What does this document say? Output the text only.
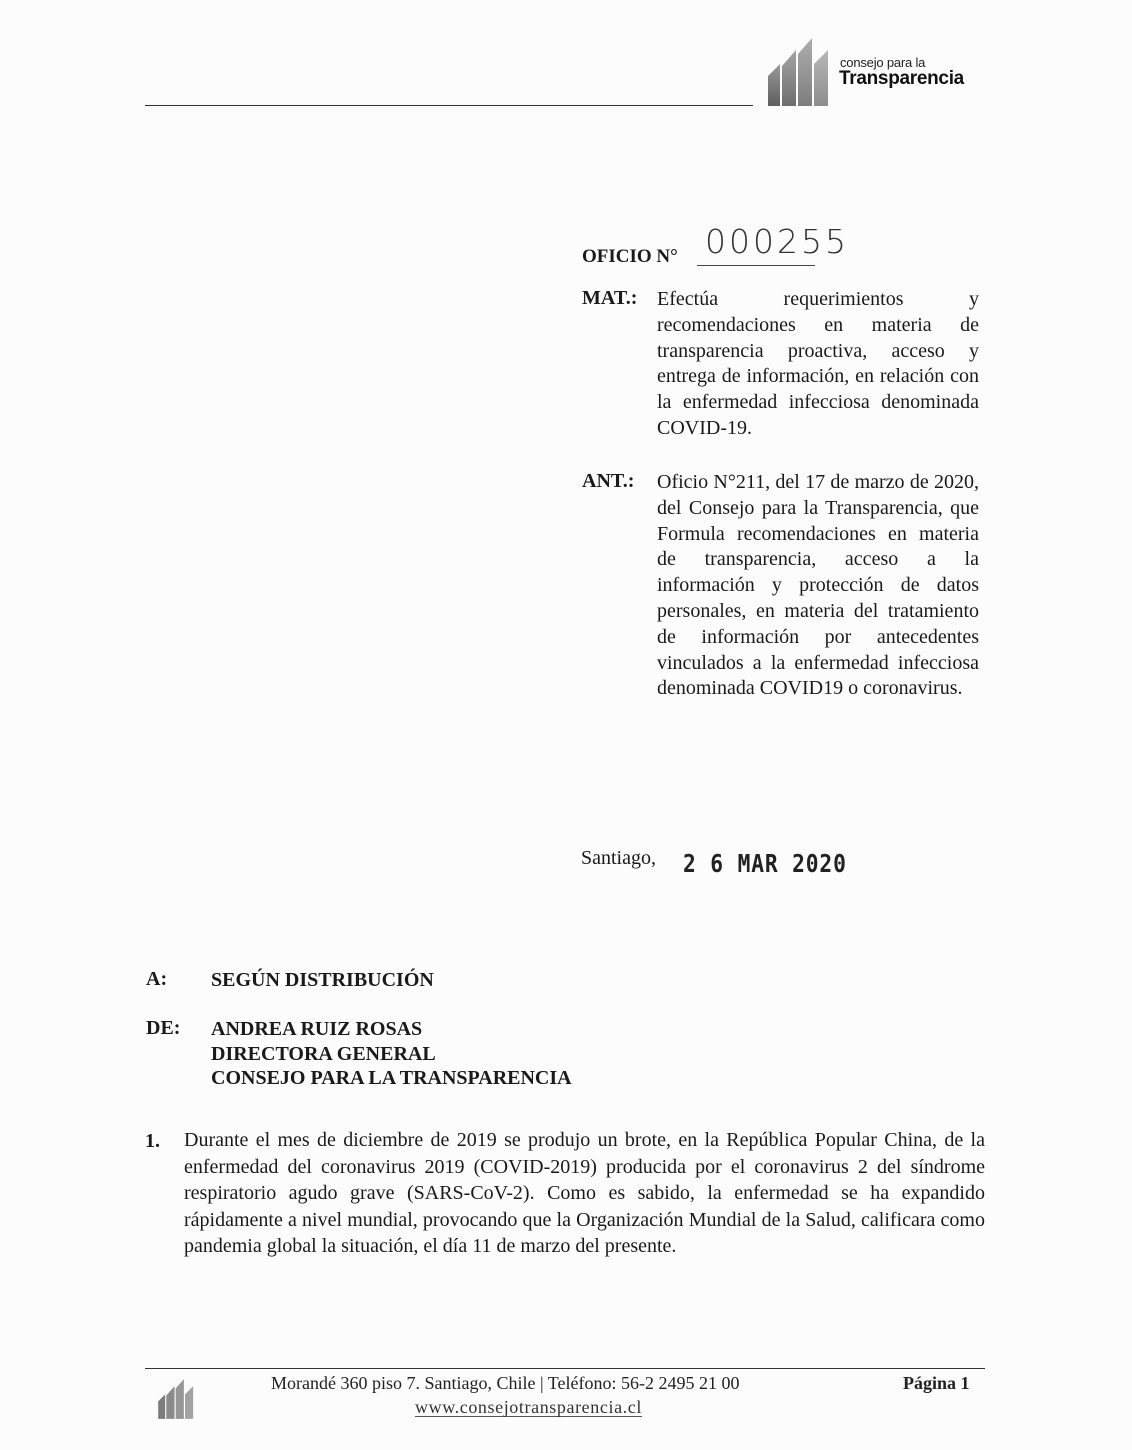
consejo para la
Transparencia
OFICIO N° 000255
MAT.: Efectúa requerimientos y recomendaciones en materia de transparencia proactiva, acceso y entrega de información, en relación con la enfermedad infecciosa denominada COVID-19.
ANT.: Oficio N°211, del 17 de marzo de 2020, del Consejo para la Transparencia, que Formula recomendaciones en materia de transparencia, acceso a la información y protección de datos personales, en materia del tratamiento de información por antecedentes vinculados a la enfermedad infecciosa denominada COVID19 o coronavirus.
Santiago, 2 6 MAR 2020
A: SEGÚN DISTRIBUCIÓN
DE: ANDREA RUIZ ROSAS
DIRECTORA GENERAL
CONSEJO PARA LA TRANSPARENCIA
1. Durante el mes de diciembre de 2019 se produjo un brote, en la República Popular China, de la enfermedad del coronavirus 2019 (COVID-2019) producida por el coronavirus 2 del síndrome respiratorio agudo grave (SARS-CoV-2). Como es sabido, la enfermedad se ha expandido rápidamente a nivel mundial, provocando que la Organización Mundial de la Salud, calificara como pandemia global la situación, el día 11 de marzo del presente.
Morandé 360 piso 7. Santiago, Chile | Teléfono: 56-2 2495 21 00	Página 1
www.consejotransparencia.cl
